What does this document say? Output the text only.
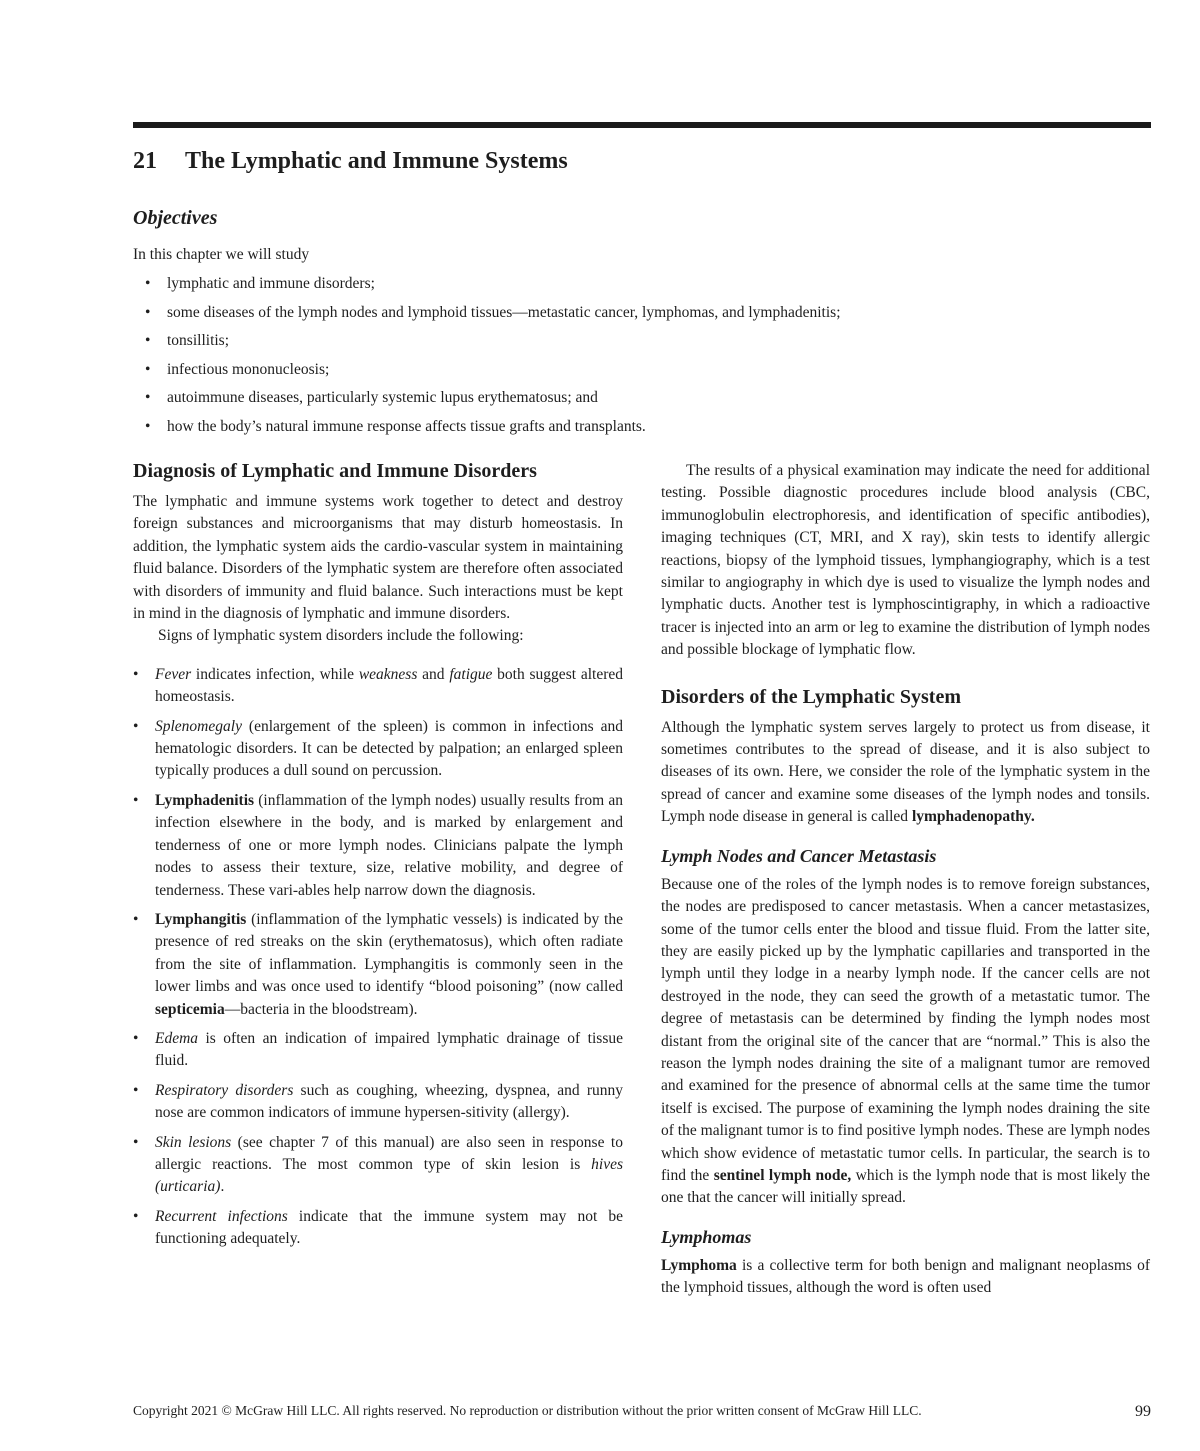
21 The Lymphatic and Immune Systems
Objectives
In this chapter we will study
• lymphatic and immune disorders;
• some diseases of the lymph nodes and lymphoid tissues—metastatic cancer, lymphomas, and lymphadenitis;
• tonsillitis;
• infectious mononucleosis;
• autoimmune diseases, particularly systemic lupus erythematosus; and
• how the body’s natural immune response affects tissue grafts and transplants.
Diagnosis of Lymphatic and Immune Disorders

The lymphatic and immune systems work together to detect and destroy foreign substances and microorganisms that may disturb homeostasis. In addition, the lymphatic system aids the cardio-vascular system in maintaining fluid balance. Disorders of the lymphatic system are therefore often associated with disorders of immunity and fluid balance. Such interactions must be kept in mind in the diagnosis of lymphatic and immune disorders.

Signs of lymphatic system disorders include the following:

• Fever indicates infection, while weakness and fatigue both suggest altered homeostasis.
• Splenomegaly (enlargement of the spleen) is common in infections and hematologic disorders. It can be detected by palpation; an enlarged spleen typically produces a dull sound on percussion.
• Lymphadenitis (inflammation of the lymph nodes) usually results from an infection elsewhere in the body, and is marked by enlargement and tenderness of one or more lymph nodes. Clinicians palpate the lymph nodes to assess their texture, size, relative mobility, and degree of tenderness. These vari-ables help narrow down the diagnosis.
• Lymphangitis (inflammation of the lymphatic vessels) is indicated by the presence of red streaks on the skin (erythematosus), which often radiate from the site of inflammation. Lymphangitis is commonly seen in the lower limbs and was once used to identify “blood poisoning” (now called septicemia—bacteria in the bloodstream).
• Edema is often an indication of impaired lymphatic drainage of tissue fluid.
• Respiratory disorders such as coughing, wheezing, dyspnea, and runny nose are common indicators of immune hypersen-sitivity (allergy).
• Skin lesions (see chapter 7 of this manual) are also seen in response to allergic reactions. The most common type of skin lesion is hives (urticaria).
• Recurrent infections indicate that the immune system may not be functioning adequately.

The results of a physical examination may indicate the need for additional testing. Possible diagnostic procedures include blood analysis (CBC, immunoglobulin electrophoresis, and identification of specific antibodies), imaging techniques (CT, MRI, and X ray), skin tests to identify allergic reactions, biopsy of the lymphoid tissues, lymphangiography, which is a test similar to angiography in which dye is used to visualize the lymph nodes and lymphatic ducts. Another test is lymphoscintigraphy, in which a radioactive tracer is injected into an arm or leg to examine the distribution of lymph nodes and possible blockage of lymphatic flow.

Disorders of the Lymphatic System

Although the lymphatic system serves largely to protect us from disease, it sometimes contributes to the spread of disease, and it is also subject to diseases of its own. Here, we consider the role of the lymphatic system in the spread of cancer and examine some diseases of the lymph nodes and tonsils. Lymph node disease in general is called lymphadenopathy.

Lymph Nodes and Cancer Metastasis

Because one of the roles of the lymph nodes is to remove foreign substances, the nodes are predisposed to cancer metastasis. When a cancer metastasizes, some of the tumor cells enter the blood and tissue fluid. From the latter site, they are easily picked up by the lymphatic capillaries and transported in the lymph until they lodge in a nearby lymph node. If the cancer cells are not destroyed in the node, they can seed the growth of a metastatic tumor. The degree of metastasis can be determined by finding the lymph nodes most distant from the original site of the cancer that are “normal.” This is also the reason the lymph nodes draining the site of a malignant tumor are removed and examined for the presence of abnormal cells at the same time the tumor itself is excised. The purpose of examining the lymph nodes draining the site of the malignant tumor is to find positive lymph nodes. These are lymph nodes which show evidence of metastatic tumor cells. In particular, the search is to find the sentinel lymph node, which is the lymph node that is most likely the one that the cancer will initially spread.

Lymphomas

Lymphoma is a collective term for both benign and malignant neoplasms of the lymphoid tissues, although the word is often used

Copyright 2021 © McGraw Hill LLC. All rights reserved. No reproduction or distribution without the prior written consent of McGraw Hill LLC.	99
